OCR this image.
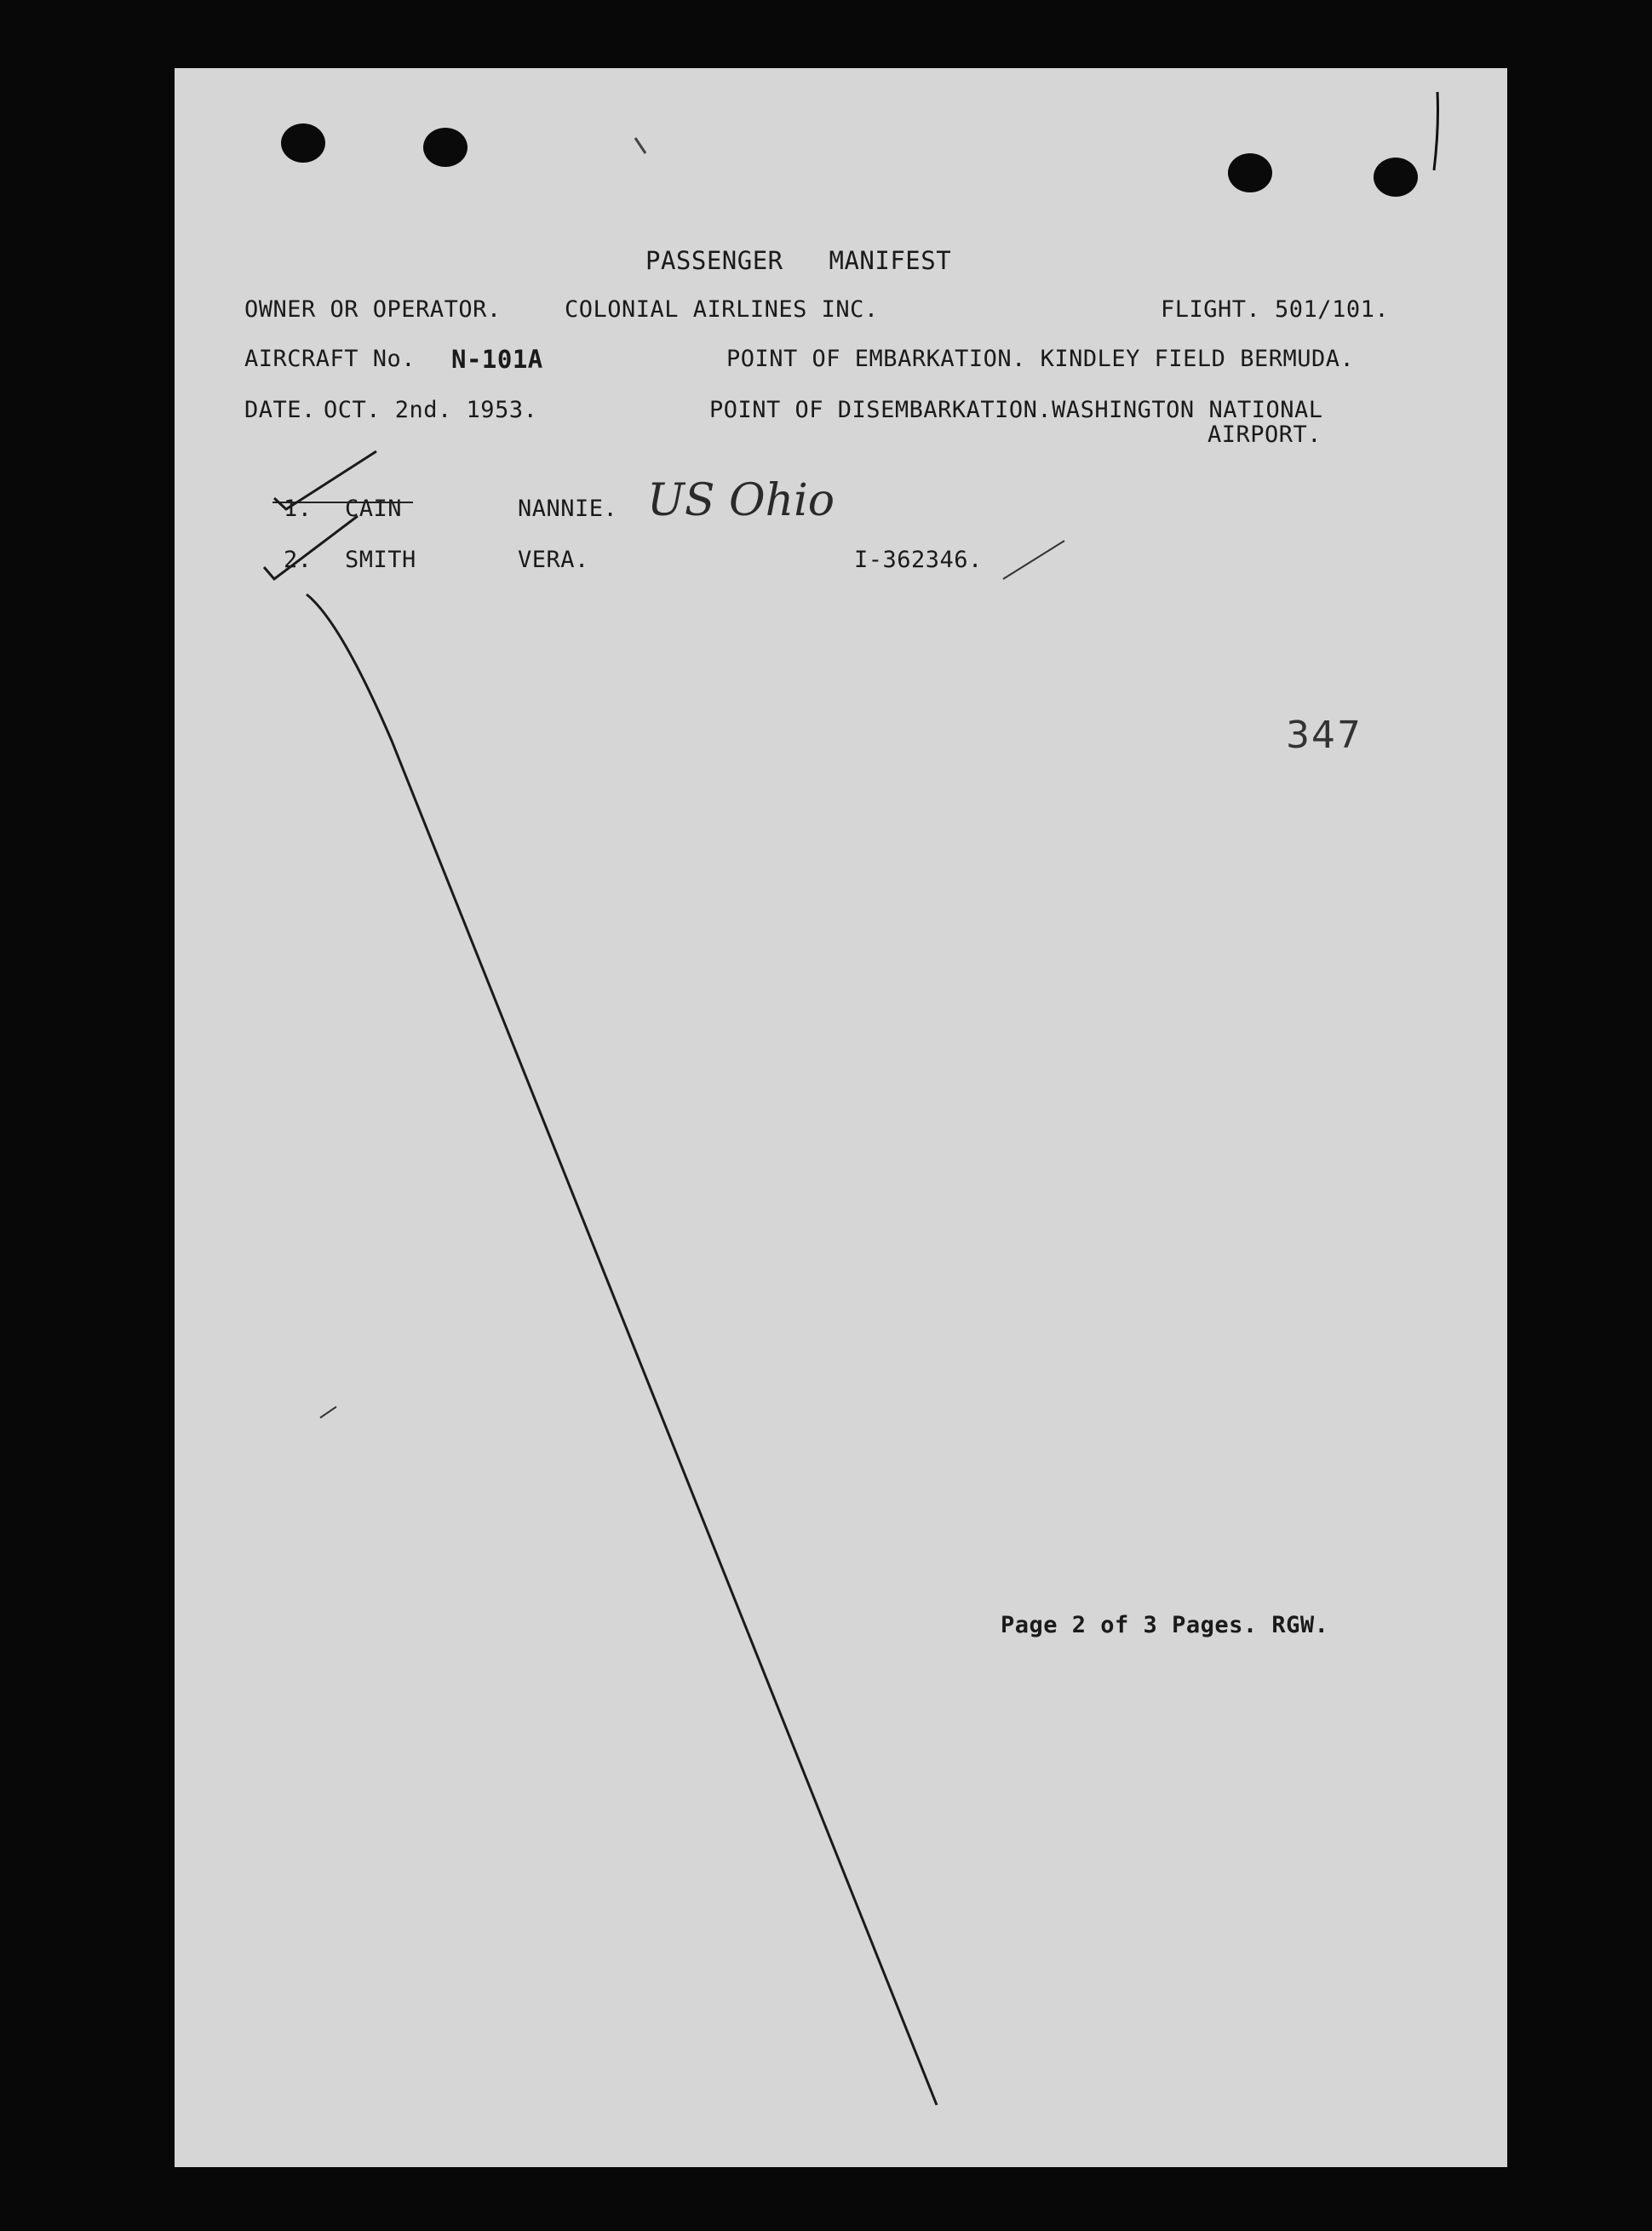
PASSENGER   MANIFEST
OWNER OR OPERATOR.	COLONIAL AIRLINES INC.	FLIGHT. 501/101.
AIRCRAFT No. N-101A	POINT OF EMBARKATION. KINDLEY FIELD BERMUDA.
DATE. OCT. 2nd. 1953.	POINT OF DISEMBARKATION.WASHINGTON NATIONAL
AIRPORT.
1. CAIN	NANNIE. US Ohio
2. SMITH	VERA.	I-362346.
347
Page 2 of 3 Pages. RGW.
